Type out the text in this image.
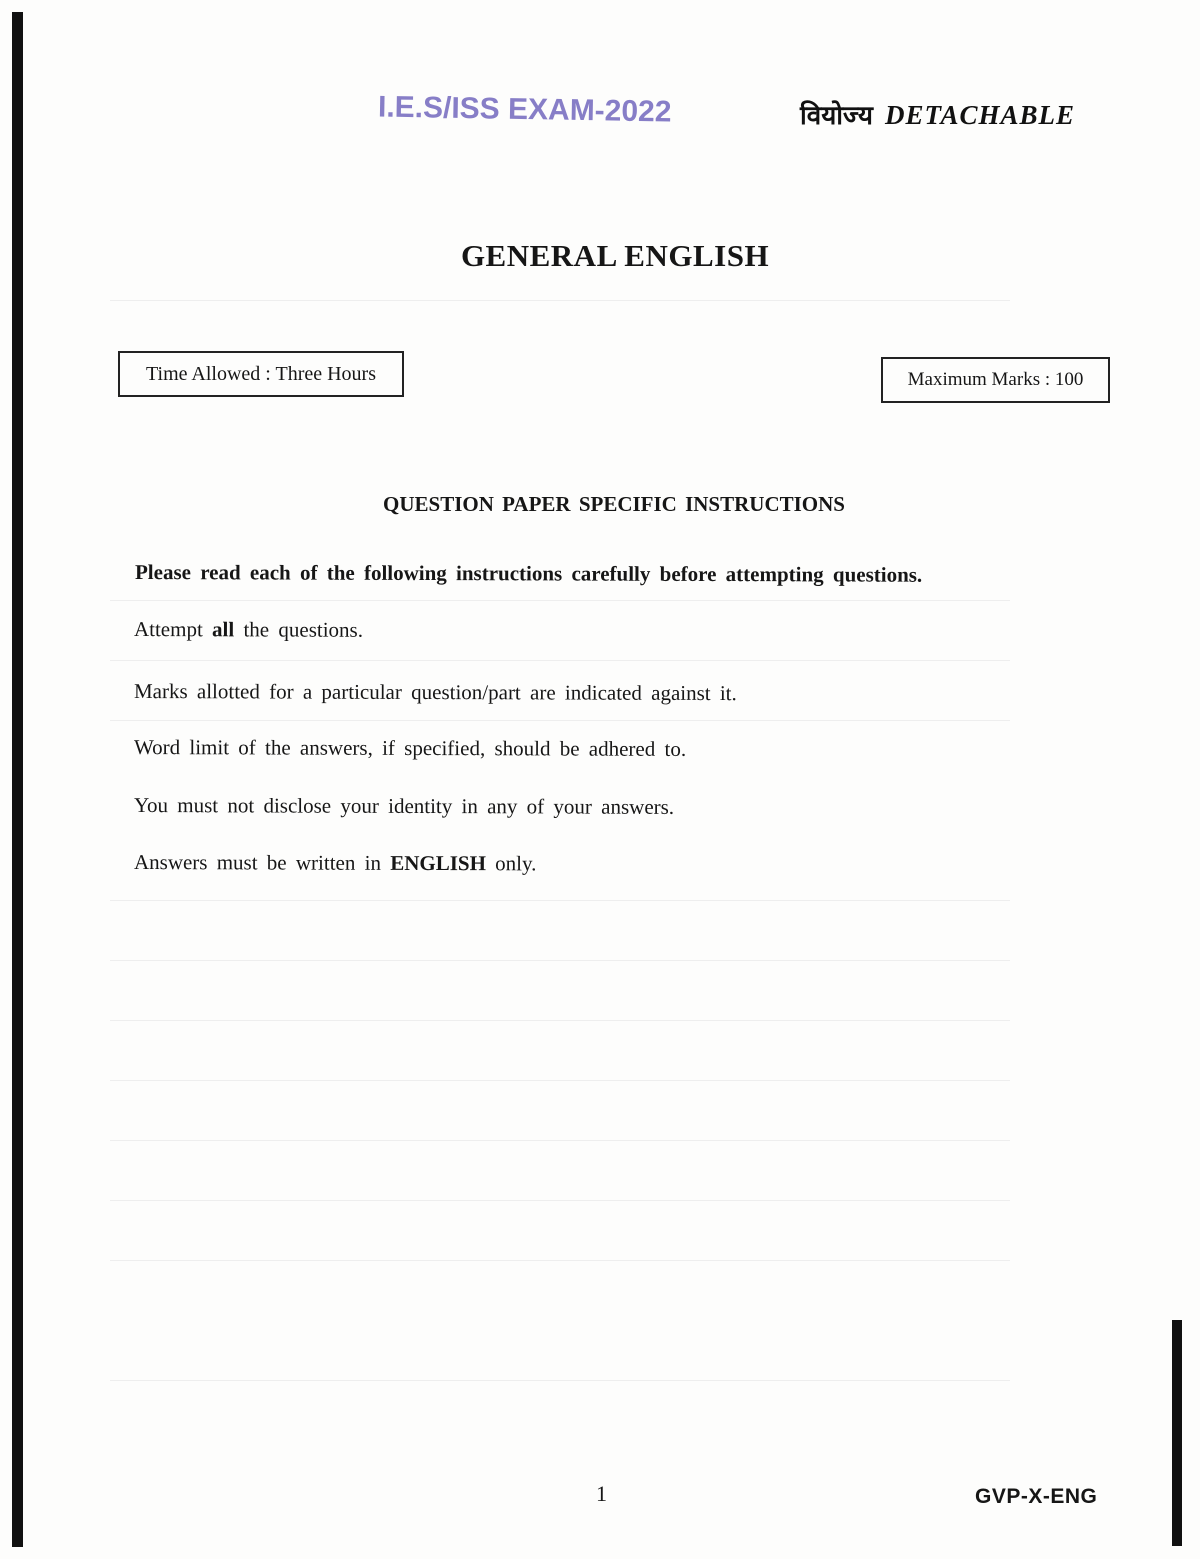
I.E.S/ISS EXAM-2022	वियोज्य DETACHABLE
GENERAL ENGLISH
Time Allowed : Three Hours	Maximum Marks : 100
QUESTION PAPER SPECIFIC INSTRUCTIONS
Please read each of the following instructions carefully before attempting questions.
Attempt all the questions.
Marks allotted for a particular question/part are indicated against it.
Word limit of the answers, if specified, should be adhered to.
You must not disclose your identity in any of your answers.
Answers must be written in ENGLISH only.
1	GVP-X-ENG
